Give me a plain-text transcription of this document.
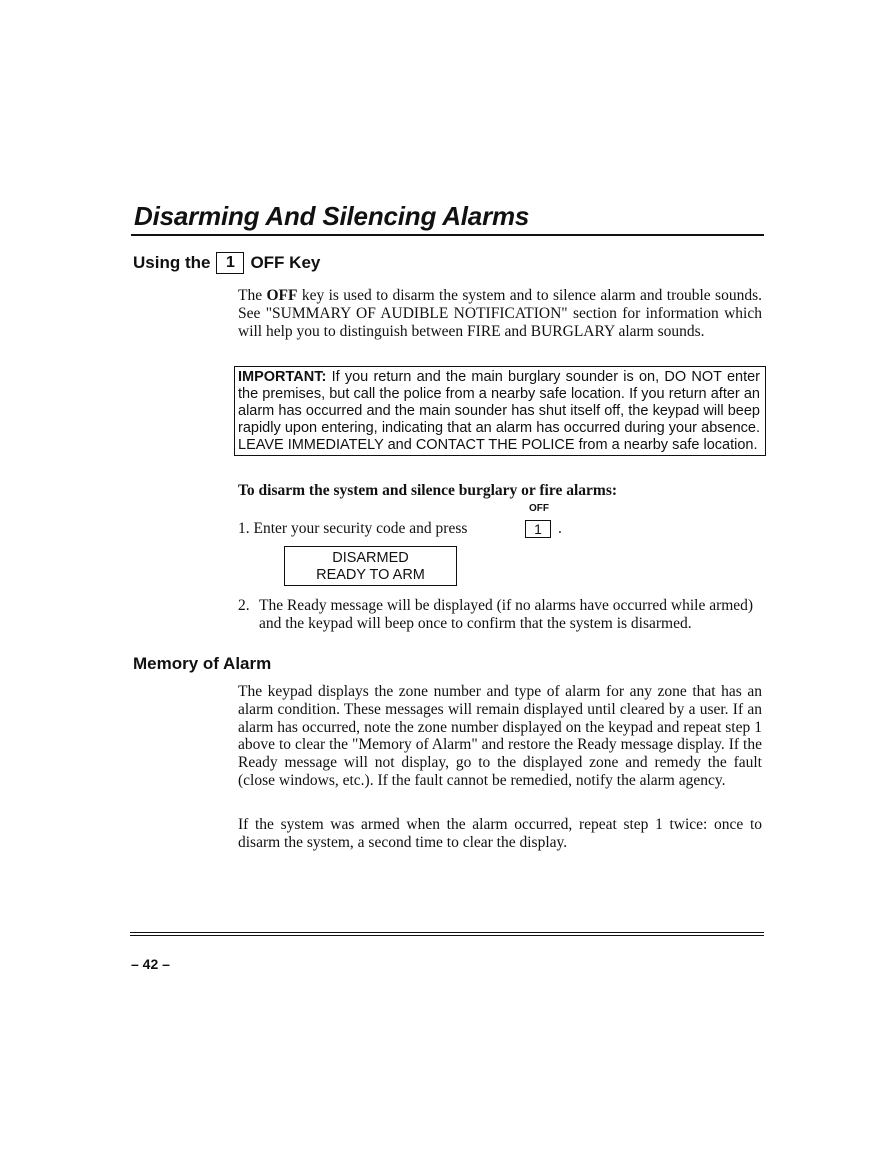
Disarming And Silencing Alarms
Using the 1 OFF Key

The OFF key is used to disarm the system and to silence alarm and trouble sounds. See "SUMMARY OF AUDIBLE NOTIFICATION" section for information which will help you to distinguish between FIRE and BURGLARY alarm sounds.

IMPORTANT: If you return and the main burglary sounder is on, DO NOT enter the premises, but call the police from a nearby safe location. If you return after an alarm has occurred and the main sounder has shut itself off, the keypad will beep rapidly upon entering, indicating that an alarm has occurred during your absence. LEAVE IMMEDIATELY and CONTACT THE POLICE from a nearby safe location.

To disarm the system and silence burglary or fire alarms:
OFF
1. Enter your security code and press	1	.
DISARMED
READY TO ARM
2. The Ready message will be displayed (if no alarms have occurred while armed) and the keypad will beep once to confirm that the system is disarmed.
Memory of Alarm

The keypad displays the zone number and type of alarm for any zone that has an alarm condition. These messages will remain displayed until cleared by a user. If an alarm has occurred, note the zone number displayed on the keypad and repeat step 1 above to clear the "Memory of Alarm" and restore the Ready message display. If the Ready message will not display, go to the displayed zone and remedy the fault (close windows, etc.). If the fault cannot be remedied, notify the alarm agency.

If the system was armed when the alarm occurred, repeat step 1 twice: once to disarm the system, a second time to clear the display.

– 42 –
